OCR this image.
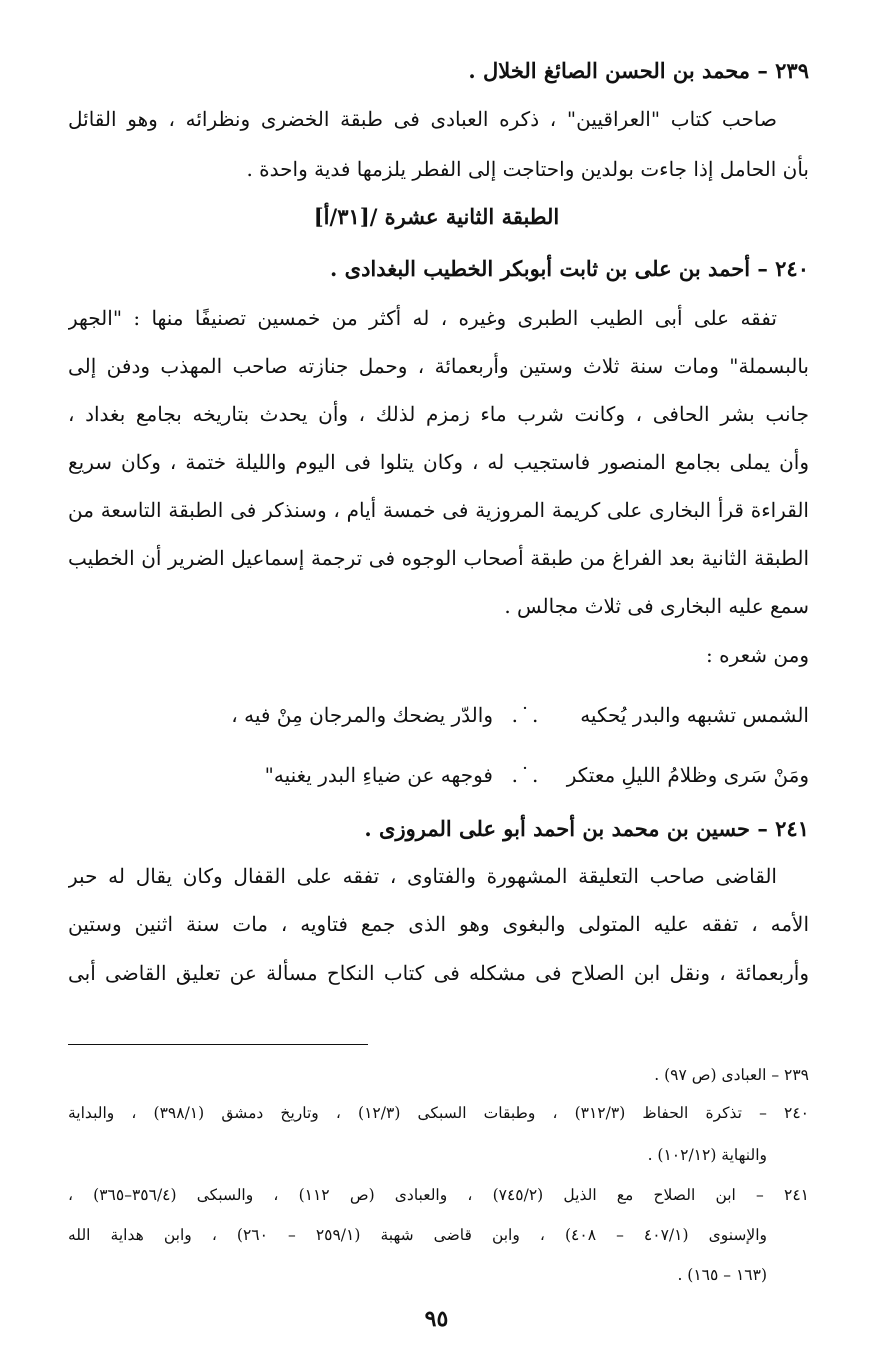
٢٣٩ – محمد بن الحسن الصائغ الخلال .
صاحب كتاب "العراقيين" ، ذكره العبادى فى طبقة الخضرى ونظرائه ، وهو القائل
بأن الحامل إذا جاءت بولدين واحتاجت إلى الفطر يلزمها فدية واحدة .
الطبقة الثانية عشرة /[٣١/أ]
٢٤٠ – أحمد بن على بن ثابت أبوبكر الخطيب البغدادى .
تفقه على أبى الطيب الطبرى وغيره ، له أكثر من خمسين تصنيفًا منها : "الجهر
بالبسملة" ومات سنة ثلاث وستين وأربعمائة ، وحمل جنازته صاحب المهذب ودفن إلى
جانب بشر الحافى ، وكانت شرب ماء زمزم لذلك ، وأن يحدث بتاريخه بجامع بغداد ،
وأن يملى بجامع المنصور فاستجيب له ، وكان يتلوا فى اليوم والليلة ختمة ، وكان سريع
القراءة قرأ البخارى على كريمة المروزية فى خمسة أيام ، وسنذكر فى الطبقة التاسعة من
الطبقة الثانية بعد الفراغ من طبقة أصحاب الوجوه فى ترجمة إسماعيل الضرير أن الخطيب
سمع عليه البخارى فى ثلاث مجالس .
ومن شعره :
الشمس تشبهه والبدر يُحكيه
.˙.
والدّر يضحك والمرجان مِنْ فيه ،
ومَنْ سَرى وظلامُ الليلِ معتكر
.˙.
فوجهه عن ضياءِ البدر يغنيه"
٢٤١ – حسين بن محمد بن أحمد أبو على المروزى .
القاضى صاحب التعليقة المشهورة والفتاوى ، تفقه على القفال وكان يقال له حبر
الأمه ، تفقه عليه المتولى والبغوى وهو الذى جمع فتاويه ، مات سنة اثنين وستين
وأربعمائة ، ونقل ابن الصلاح فى مشكله فى كتاب النكاح مسألة عن تعليق القاضى أبى
٢٣٩ – العبادى (ص ٩٧) .
٢٤٠ – تذكرة الحفاظ (٣١٢/٣) ، وطبقات السبكى (١٢/٣) ، وتاريخ دمشق (٣٩٨/١) ، والبداية
والنهاية (١٠٢/١٢) .
٢٤١ – ابن الصلاح مع الذيل (٧٤٥/٢) ، والعبادى (ص ١١٢) ، والسبكى (٣٥٦/٤–٣٦٥) ،
والإسنوى (٤٠٧/١ – ٤٠٨) ، وابن قاضى شهبة (٢٥٩/١ – ٢٦٠) ، وابن هداية الله
(١٦٣ – ١٦٥) .
٩٥
